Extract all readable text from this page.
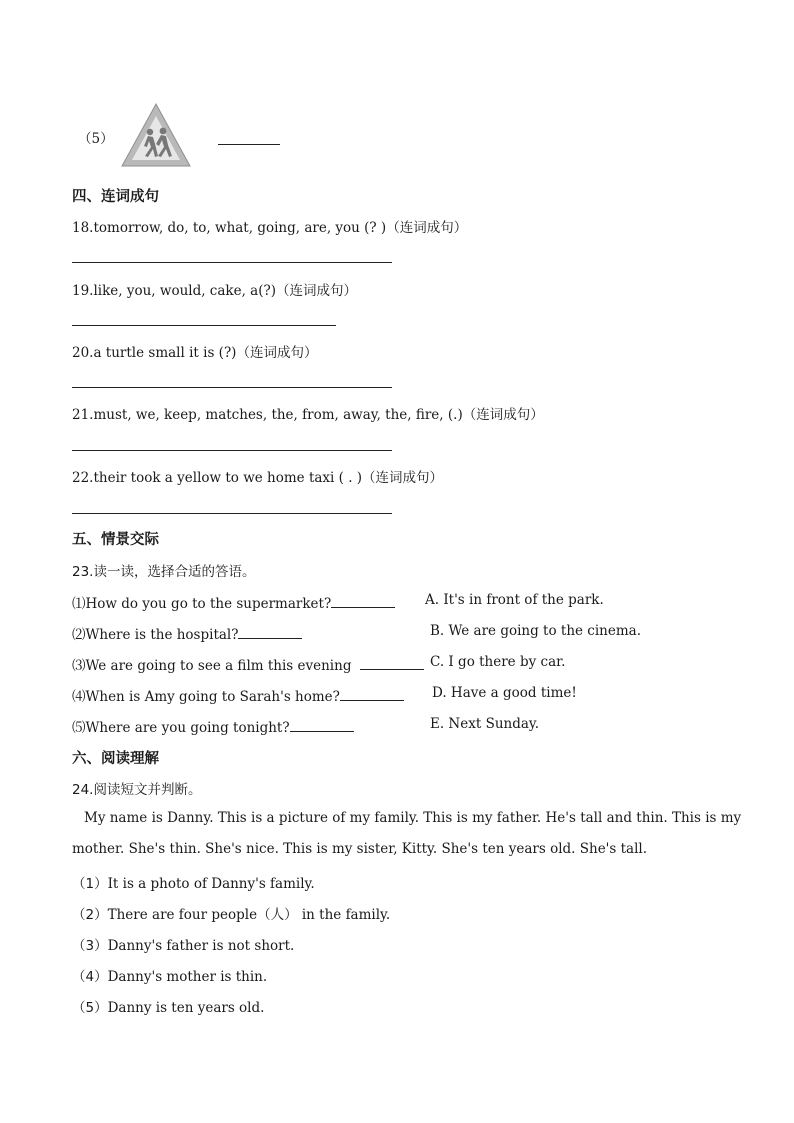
（5）
四、连词成句
18.tomorrow, do, to, what, going, are, you (? )（连词成句）
19.like, you, would, cake, a(?)（连词成句）
20.a turtle small it is (?)（连词成句）
21.must, we, keep, matches, the, from, away, the, fire, (.)（连词成句）
22.their took a yellow to we home taxi ( . )（连词成句）
五、情景交际
23.读一读，选择合适的答语。
⑴How do you go to the supermarket?	A. It's in front of the park.
⑵Where is the hospital?	B. We are going to the cinema.
⑶We are going to see a film this evening	C. I go there by car.
⑷When is Amy going to Sarah's home?	D. Have a good time!
⑸Where are you going tonight?	E. Next Sunday.
六、阅读理解
24.阅读短文并判断。
My name is Danny. This is a picture of my family. This is my father. He's tall and thin. This is my
mother. She's thin. She's nice. This is my sister, Kitty. She's ten years old. She's tall.
（1）It is a photo of Danny's family.
（2）There are four people（人） in the family.
（3）Danny's father is not short.
（4）Danny's mother is thin.
（5）Danny is ten years old.
